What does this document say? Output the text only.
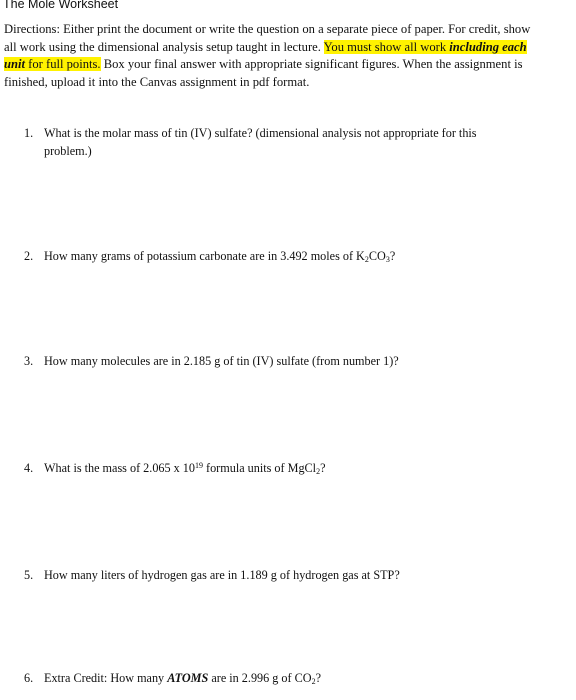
The Mole Worksheet
Directions: Either print the document or write the question on a separate piece of paper. For credit, show
all work using the dimensional analysis setup taught in lecture. You must show all work including each
unit for full points. Box your final answer with appropriate significant figures. When the assignment is
finished, upload it into the Canvas assignment in pdf format.
1. What is the molar mass of tin (IV) sulfate? (dimensional analysis not appropriate for this
problem.)
2. How many grams of potassium carbonate are in 3.492 moles of $K_2CO_3$?
3. How many molecules are in 2.185 g of tin (IV) sulfate (from number 1)?
4. What is the mass of 2.065 x $10^{19}$ formula units of MgCl$_2$?
5. How many liters of hydrogen gas are in 1.189 g of hydrogen gas at STP?
6. Extra Credit: How many ATOMS are in 2.996 g of $CO_2$?
